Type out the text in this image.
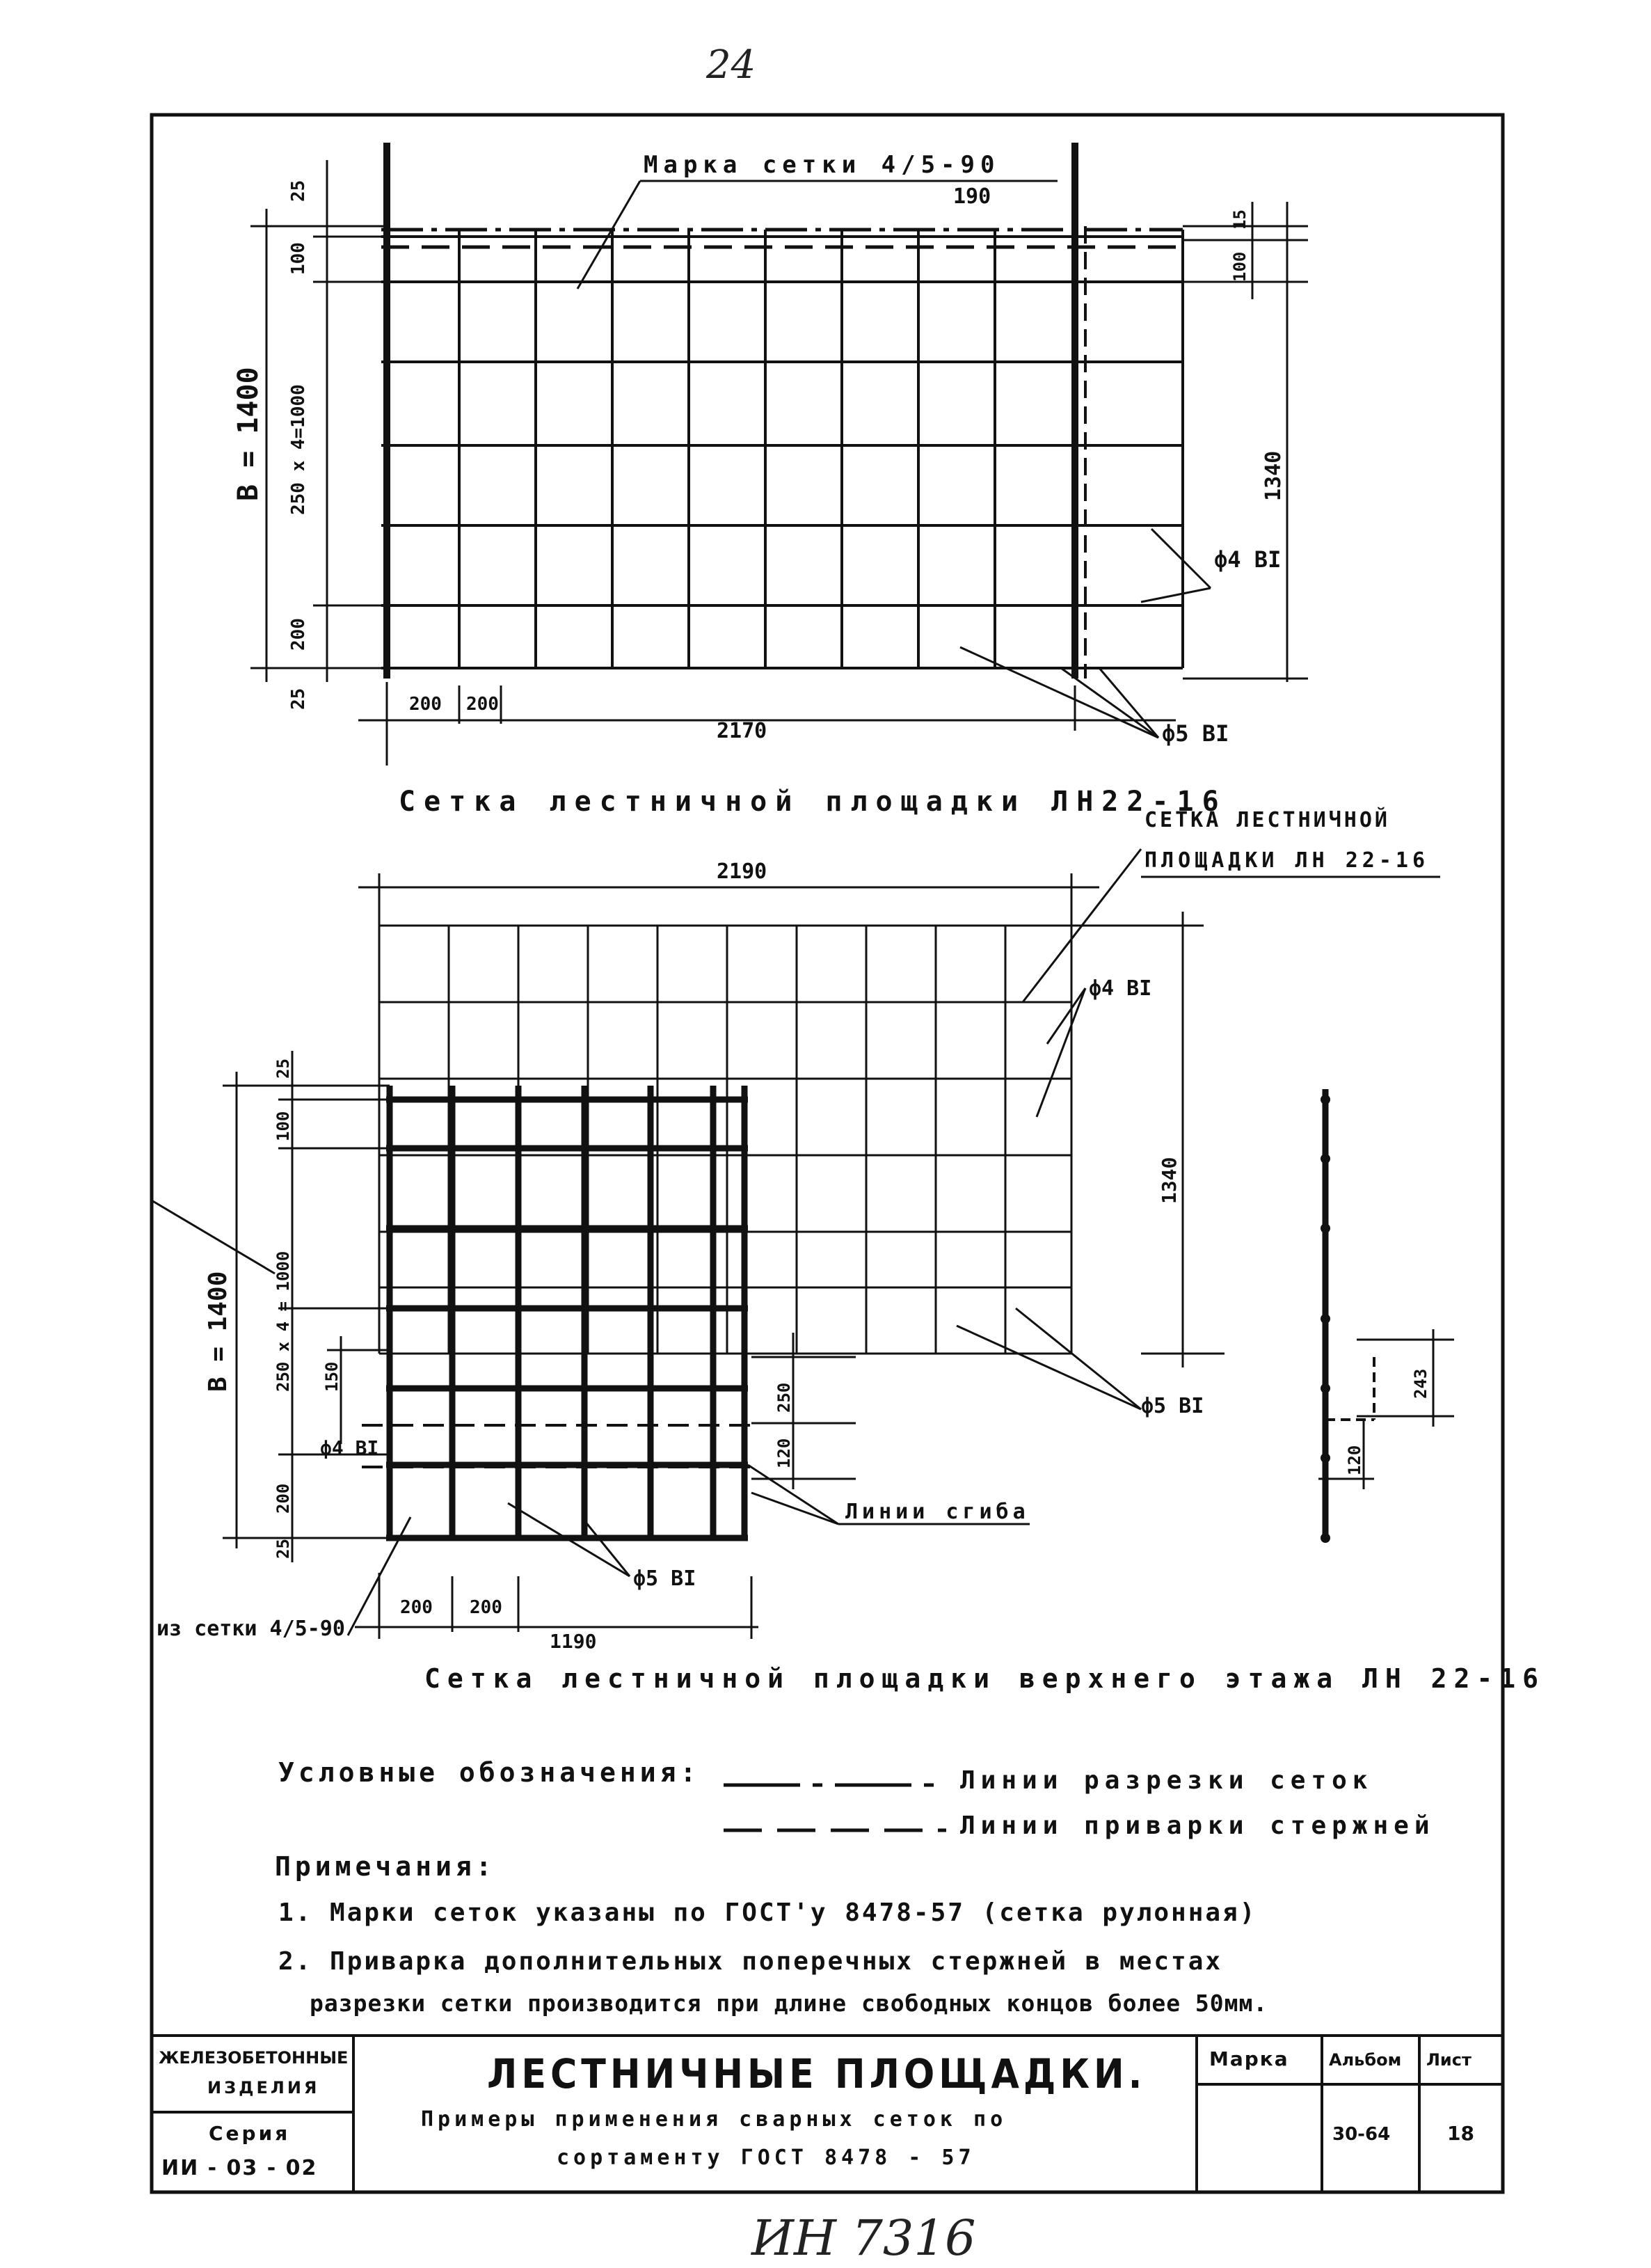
24
Марка сетки 4/5-90
190
B = 1400
25
100
250 x 4=1000
200
25
15
100
1340
ф4 BI
ф5 BI
200 200
2170
Сетка лестничной площадки ЛН22-16
СЕТКА ЛЕСТНИЧНОЙ
ПЛОЩАДКИ ЛН 22-16
Сетка лестничной площадки ЛН 22-16
2190
1340
ф4 BI
ф5 BI
ф5 BI
ф4 BI
B = 1400
25
100
250 x 4 = 1000 150
200
25
250
120
Линии сгиба
200 200
1190
из сетки 4/5-90
243
120
Сетка лестничной площадки верхнего этажа ЛН 22-16
Условные обозначения:	Линии разрезки сеток
Линии приварки стержней
Примечания:
1. Марки сеток указаны по ГОСТ'у 8478-57 (сетка рулонная)
2. Приварка дополнительных поперечных стержней в местах
разрезки сетки производится при длине свободных концов более 50мм.
ЖЕЛЕЗОБЕТОННЫЕ
ИЗДЕЛИЯ
Серия
ИИ - 03 - 02
ЛЕСТНИЧНЫЕ ПЛОЩАДКИ.
Примеры применения сварных сеток по
сортаменту ГОСТ 8478 - 57
Марка Альбом Лист
30-64	18
ИН 7316
